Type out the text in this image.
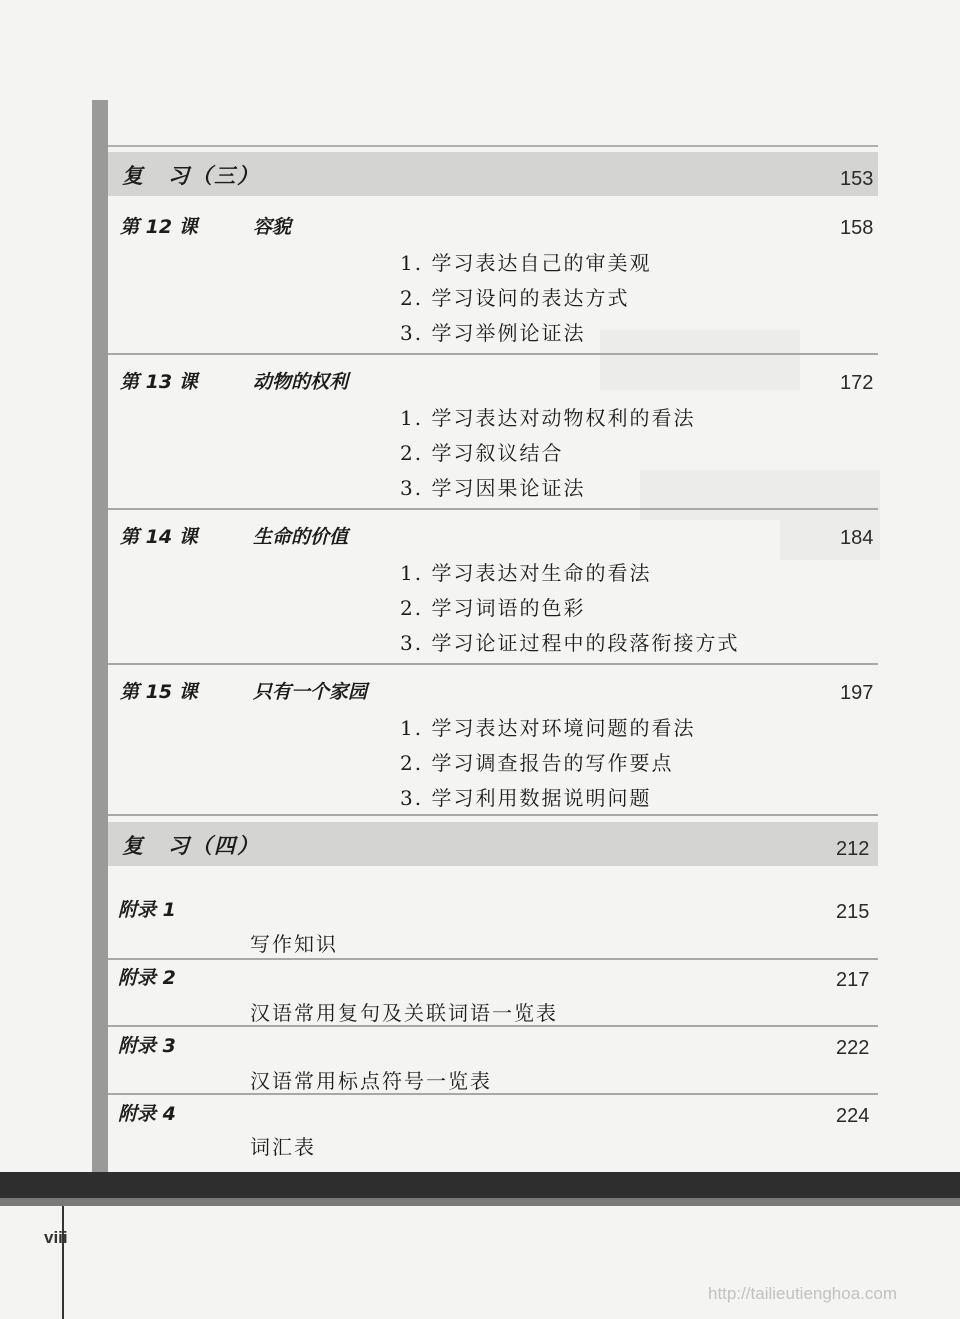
复　习（三）	153
第 12 课	容貌	158
1. 学习表达自己的审美观
2. 学习设问的表达方式
3. 学习举例论证法
第 13 课	动物的权利	172
1. 学习表达对动物权利的看法
2. 学习叙议结合
3. 学习因果论证法
第 14 课	生命的价值	184
1. 学习表达对生命的看法
2. 学习词语的色彩
3. 学习论证过程中的段落衔接方式
第 15 课	只有一个家园	197
1. 学习表达对环境问题的看法
2. 学习调查报告的写作要点
3. 学习利用数据说明问题
复　习（四）	212
附录 1	215
写作知识
附录 2	217
汉语常用复句及关联词语一览表
附录 3	222
汉语常用标点符号一览表
附录 4	224
词汇表
viii
http://tailieutienghoa.com
